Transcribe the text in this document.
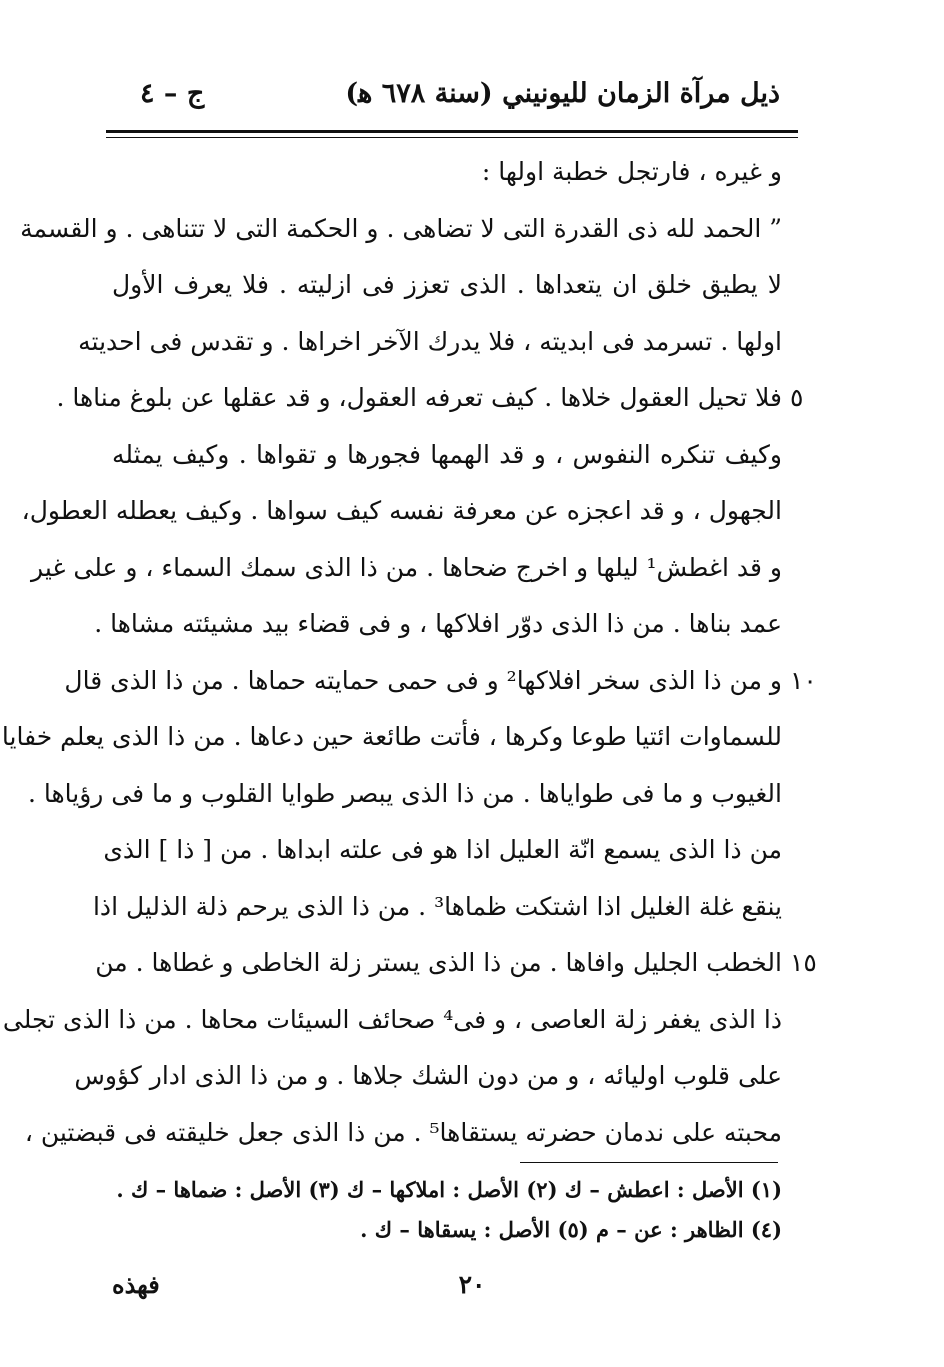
ذيل مرآة الزمان لليونيني (سنة ٦٧٨ ﻫ)
ج – ٤
و غيره ، فارتجل خطبة اولها :
” الحمد لله ذى القدرة التى لا تضاهى . و الحكمة التى لا تتناهى . و القسمة
لا يطيق خلق ان يتعداها . الذى تعزز فى ازليته . فلا يعرف الأول
اولها . تسرمد فى ابديته ، فلا يدرك الآخر اخراها . و تقدس فى احديته
فلا تحيل العقول خلاها . كيف تعرفه العقول، و قد عقلها عن بلوغ مناها .
وكيف تنكره النفوس ، و قد الهمها فجورها و تقواها . وكيف يمثله
الجهول ، و قد اعجزه عن معرفة نفسه كيف سواها . وكيف يعطله العطول،
و قد اغطش¹ ليلها و اخرج ضحاها . من ذا الذى سمك السماء ، و على غير
عمد بناها . من ذا الذى دوّر افلاكها ، و فى قضاء بيد مشيئته مشاها .
و من ذا الذى سخر افلاكها² و فى حمى حمايته حماها . من ذا الذى قال
للسماوات ائتيا طوعا وكرها ، فأتت طائعة حين دعاها . من ذا الذى يعلم خفايا
الغيوب و ما فى طواياها . من ذا الذى يبصر طوايا القلوب و ما فى رؤياها .
من ذا الذى يسمع انّة العليل اذا هو فى علته ابداها . من [ ذا ] الذى
ينقع غلة الغليل اذا اشتكت ظماها³ . من ذا الذى يرحم ذلة الذليل اذا
الخطب الجليل وافاها . من ذا الذى يستر زلة الخاطى و غطاها . من
ذا الذى يغفر زلة العاصى ، و فى⁴ صحائف السيئات محاها . من ذا الذى تجلى
على قلوب اوليائه ، و من دون الشك جلاها . و من ذا الذى ادار كؤوس
محبته على ندمان حضرته يستقاها⁵ . من ذا الذى جعل خليقته فى قبضتين ،
٥
١٠
١٥
(١) الأصل : اعطش – ك (٢) الأصل : املاكها – ك (٣) الأصل : ضماها – ك .
(٤) الظاهر : عن – م (٥) الأصل : يسقاها – ك .
٢٠
فهذه
